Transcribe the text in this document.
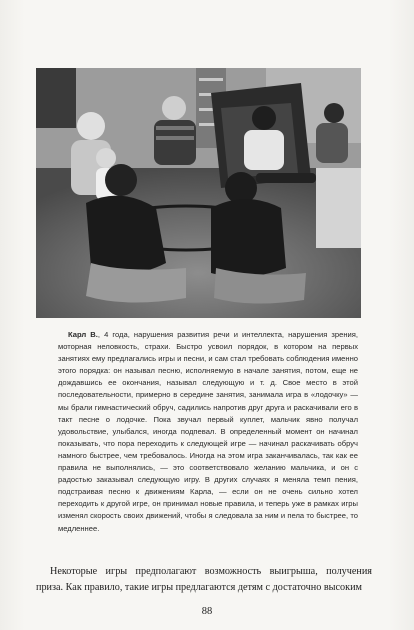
Карл В., 4 года, нарушения развития речи и интеллекта, нарушения зрения, моторная неловкость, страхи. Быстро усвоил порядок, в котором на первых занятиях ему предлагались игры и песни, и сам стал требовать соблюдения именно этого порядка: он называл песню, исполняемую в начале занятия, потом, еще не дождавшись ее окончания, называл следующую и т. д. Свое место в этой последовательности, примерно в середине занятия, занимала игра в «лодочку» — мы брали гимнастический обруч, садились напротив друг друга и раскачивали его в такт песне о лодочке. Пока звучал первый куплет, мальчик явно получал удовольствие, улыбался, иногда подпевал. В определенный момент он начинал показывать, что пора переходить к следующей игре — начинал раскачивать обруч намного быстрее, чем требовалось. Иногда на этом игра заканчивалась, так как ее правила не выполнялись, — это соответствовало желанию мальчика, и он с радостью заказывал следующую игру. В других случаях я меняла темп пения, подстраивая песню к движениям Карла, — если он не очень сильно хотел переходить к другой игре, он принимал новые правила, и теперь уже в рамках игры изменял скорость своих движений, чтобы я следовала за ним и пела то быстрее, то медленнее.

Некоторые игры предполагают возможность выигрыша, получения приза. Как правило, такие игры предлагаются детям с достаточно высоким

88
